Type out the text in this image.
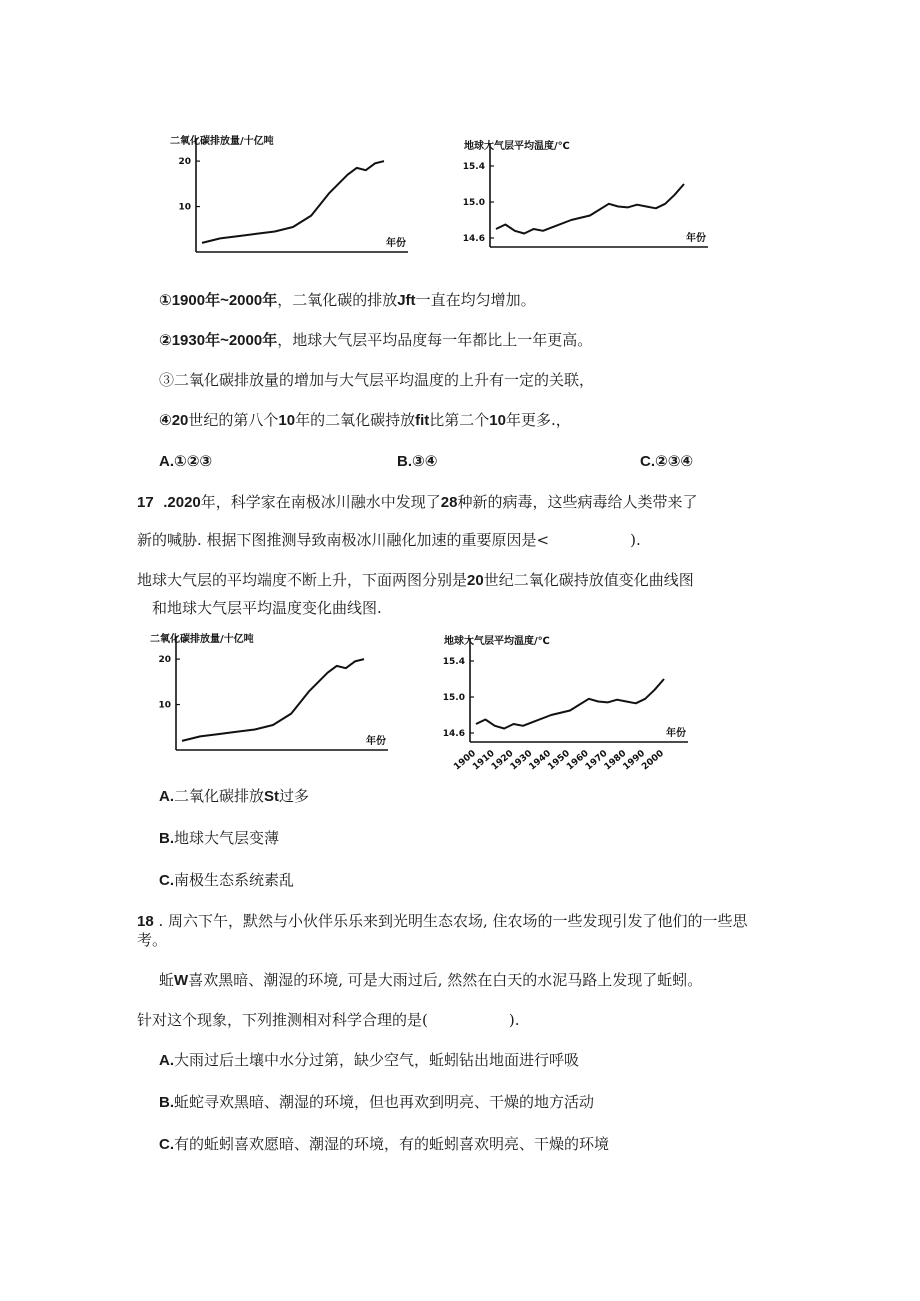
二氧化碳排放量/十亿吨
20
10
年份
地球大气层平均温度/℃
15.4
15.0
14.6	年份
①1900年~2000年，二氧化碳的排放Jft一直在均匀增加。
②1930年~2000年，地球大气层平均品度每一年都比上一年更高。
③二氧化碳排放量的增加与大气层平均温度的上升有一定的关联，
④20世纪的第八个10年的二氧化碳持放fit比第二个10年更多.，
A.①②③	B.③④	C.②③④
17 .2020年，科学家在南极冰川融水中发现了28种新的病毒，这些病毒给人类带来了
新的喊胁. 根据下图推测导致南极冰川融化加速的重要原因是<                 ).
地球大气层的平均端度不断上升，下面两图分别是20世纪二氧化碳持放值变化曲线图
和地球大气层平均温度变化曲线图.
二氧化碳排放量/十亿吨
20
10
年份
地球大气层平均温度/℃
15.4
15.0
14.6	年份
1900
1910
1920
1930
1940
1950
1960
1970
1980
1990
2000
A.二氧化碳排放St过多
B.地球大气层变薄
C.南极生态系统素乱
18 . 周六下午，默然与小伙伴乐乐来到光明生态农场, 住农场的一些发现引发了他们的一些思
考。
蚯W喜欢黑暗、潮湿的环境, 可是大雨过后, 然然在白天的水泥马路上发现了蚯蚓。
针对这个现象，下列推测相对科学合理的是(                 ).
A.大雨过后土壤中水分过第，缺少空气，蚯蚓钻出地面进行呼吸
B.蚯蛇寻欢黑暗、潮湿的环境，但也再欢到明亮、干燥的地方活动
C.有的蚯蚓喜欢愿暗、潮湿的环境，有的蚯蚓喜欢明亮、干燥的环境
